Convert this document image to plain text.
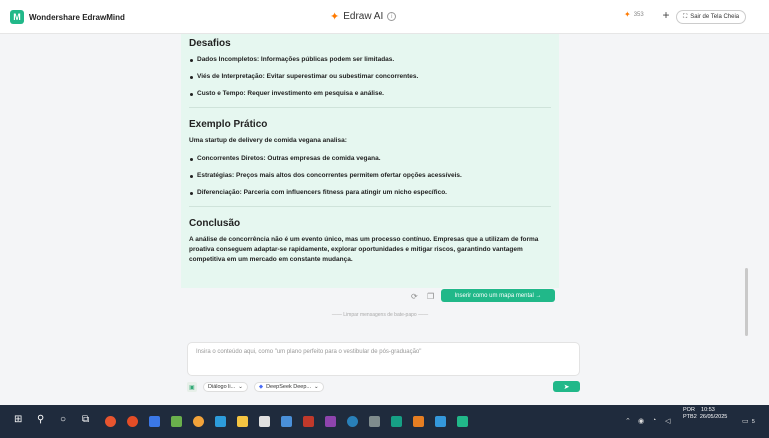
M	Wondershare EdrawMind	✦ Edraw AI	i	✦ 353 +	⛶ Sair de Tela Cheia
Desafios
Dados Incompletos: Informações públicas podem ser limitadas.
Viés de Interpretação: Evitar superestimar ou subestimar concorrentes.
Custo e Tempo: Requer investimento em pesquisa e análise.
Exemplo Prático
Uma startup de delivery de comida vegana analisa:
Concorrentes Diretos: Outras empresas de comida vegana.
Estratégias: Preços mais altos dos concorrentes permitem ofertar opções acessíveis.
Diferenciação: Parceria com influencers fitness para atingir um nicho específico.
Conclusão
A análise de concorrência não é um evento único, mas um processo contínuo. Empresas que a utilizam de forma proativa conseguem adaptar-se rapidamente, explorar oportunidades e mitigar riscos, garantindo vantagem competitiva em um mercado em constante mudança.
⟳ ❐	Inserir como um mapa mental →
—— Limpar mensagens de bate-papo ——
Insira o conteúdo aqui, como "um plano perfeito para o vestibular de pós-graduação"
▣	Diálogo li... ⌄	◆ DeepSeek Deep... ⌄	➤
⊞ ⚲ ○ ⧉	⌃ ◉ ◔ ◁	▭
POR 10:53
PTB2 26/05/2025
5
